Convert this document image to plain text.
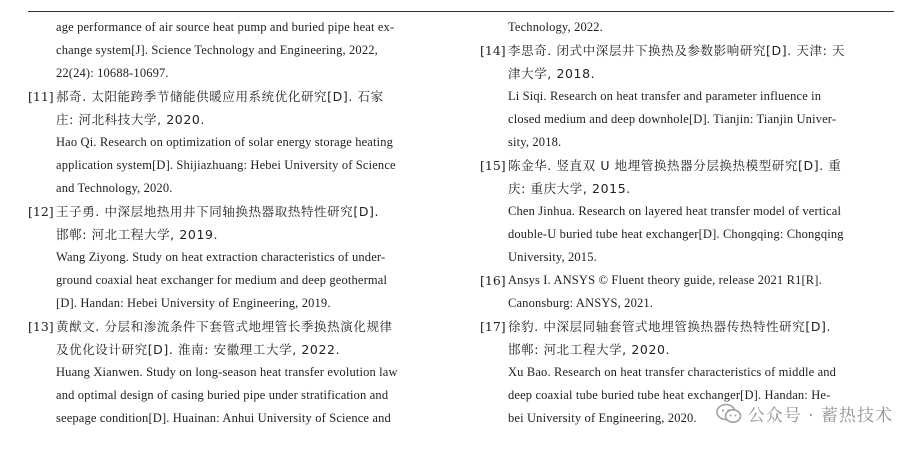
age performance of air source heat pump and buried pipe heat ex-
change system[J]. Science Technology and Engineering, 2022,
22(24): 10688-10697.
[11] 郝奇. 太阳能跨季节储能供暖应用系统优化研究[D]. 石家
庄: 河北科技大学, 2020.
Hao Qi. Research on optimization of solar energy storage heating
application system[D]. Shijiazhuang: Hebei University of Science
and Technology, 2020.
[12] 王子勇. 中深层地热用井下同轴换热器取热特性研究[D].
邯郸: 河北工程大学, 2019.
Wang Ziyong. Study on heat extraction characteristics of under-
ground coaxial heat exchanger for medium and deep geothermal
[D]. Handan: Hebei University of Engineering, 2019.
[13] 黄猷文. 分层和渗流条件下套管式地埋管长季换热演化规律
及优化设计研究[D]. 淮南: 安徽理工大学, 2022.
Huang Xianwen. Study on long-season heat transfer evolution law
and optimal design of casing buried pipe under stratification and
seepage condition[D]. Huainan: Anhui University of Science and
Technology, 2022.
[14] 李思奇. 闭式中深层井下换热及参数影响研究[D]. 天津: 天
津大学, 2018.
Li Siqi. Research on heat transfer and parameter influence in
closed medium and deep downhole[D]. Tianjin: Tianjin Univer-
sity, 2018.
[15] 陈金华. 竖直双 U 地埋管换热器分层换热模型研究[D]. 重
庆: 重庆大学, 2015.
Chen Jinhua. Research on layered heat transfer model of vertical
double-U buried tube heat exchanger[D]. Chongqing: Chongqing
University, 2015.
[16] Ansys I. ANSYS © Fluent theory guide, release 2021 R1[R].
Canonsburg: ANSYS, 2021.
[17] 徐豹. 中深层同轴套管式地埋管换热器传热特性研究[D].
邯郸: 河北工程大学, 2020.
Xu Bao. Research on heat transfer characteristics of middle and
deep coaxial tube buried tube heat exchanger[D]. Handan: He-
bei University of Engineering, 2020.	公众号 · 蓄热技术
